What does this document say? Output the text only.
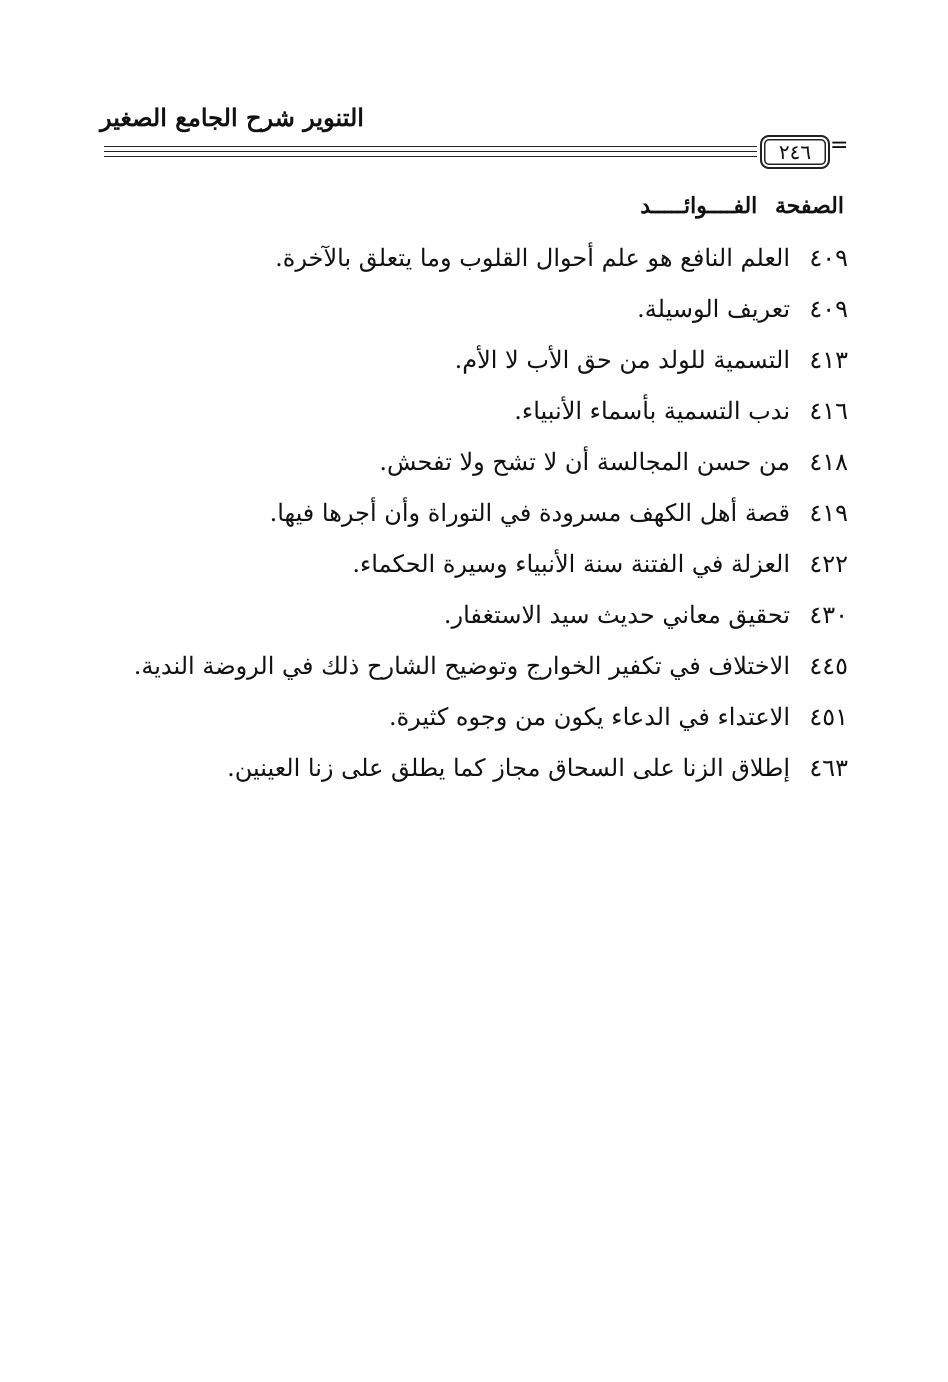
التنوير شرح الجامع الصغير
٢٤٦ =
الصفحة الفــــوائـــــد
٤٠٩
العلم النافع هو علم أحوال القلوب وما يتعلق بالآخرة.
٤٠٩
تعريف الوسيلة.
٤١٣
التسمية للولد من حق الأب لا الأم.
٤١٦
ندب التسمية بأسماء الأنبياء.
٤١٨
من حسن المجالسة أن لا تشح ولا تفحش.
٤١٩
قصة أهل الكهف مسرودة في التوراة وأن أجرها فيها.
٤٢٢
العزلة في الفتنة سنة الأنبياء وسيرة الحكماء.
٤٣٠
تحقيق معاني حديث سيد الاستغفار.
٤٤٥
الاختلاف في تكفير الخوارج وتوضيح الشارح ذلك في الروضة الندية.
٤٥١
الاعتداء في الدعاء يكون من وجوه كثيرة.
٤٦٣
إطلاق الزنا على السحاق مجاز كما يطلق على زنا العينين.
